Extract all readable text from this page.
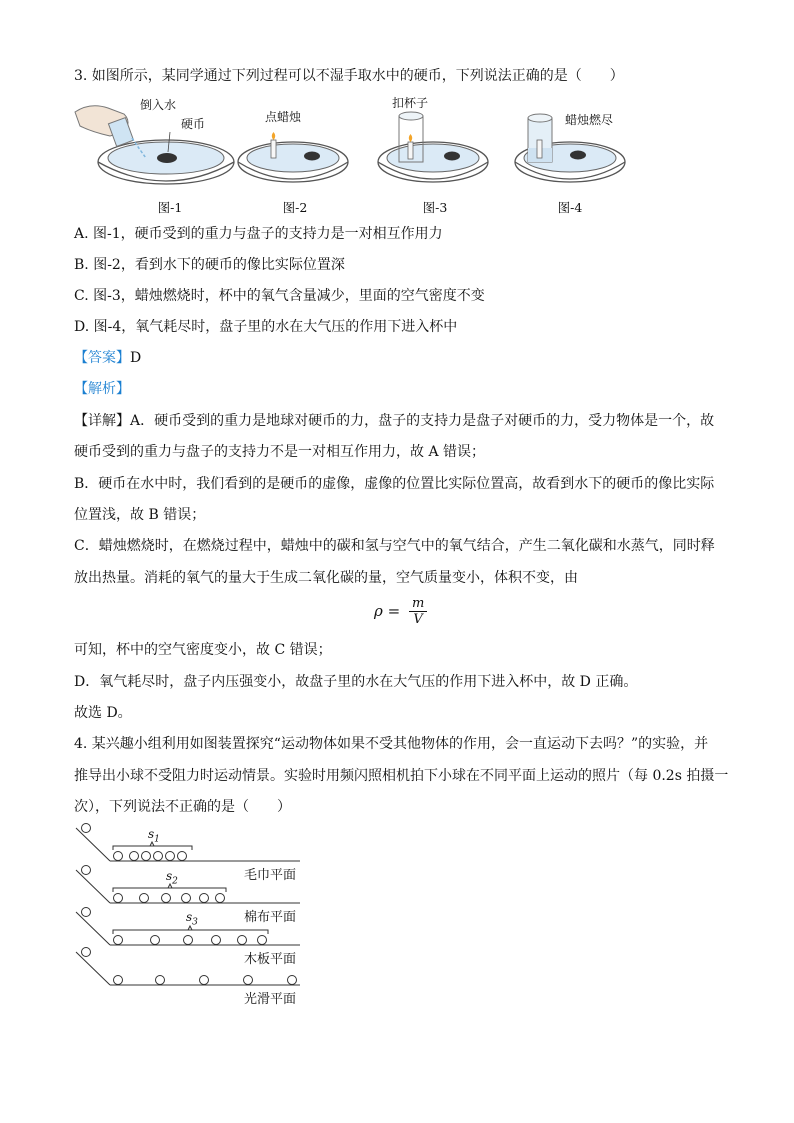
3. 如图所示，某同学通过下列过程可以不湿手取水中的硬币，下列说法正确的是（　　）
倒入水
硬币	点蜡烛
扣杯子
蜡烛燃尽
图-1	图-2	图-3	图-4
A. 图-1，硬币受到的重力与盘子的支持力是一对相互作用力
B. 图-2，看到水下的硬币的像比实际位置深
C. 图-3，蜡烛燃烧时，杯中的氧气含量减少，里面的空气密度不变
D. 图-4，氧气耗尽时，盘子里的水在大气压的作用下进入杯中
【答案】D
【解析】
【详解】A．硬币受到的重力是地球对硬币的力，盘子的支持力是盘子对硬币的力，受力物体是一个，故
硬币受到的重力与盘子的支持力不是一对相互作用力，故 A 错误；
B．硬币在水中时，我们看到的是硬币的虚像，虚像的位置比实际位置高，故看到水下的硬币的像比实际
位置浅，故 B 错误；
C．蜡烛燃烧时，在燃烧过程中，蜡烛中的碳和氢与空气中的氧气结合，产生二氧化碳和水蒸气，同时释
放出热量。消耗的氧气的量大于生成二氧化碳的量，空气质量变小，体积不变，由
$\rho = \frac{m}{V}$
可知，杯中的空气密度变小，故 C 错误；
D．氧气耗尽时，盘子内压强变小，故盘子里的水在大气压的作用下进入杯中，故 D 正确。
故选 D。
4. 某兴趣小组利用如图装置探究“运动物体如果不受其他物体的作用，会一直运动下去吗？”的实验，并
推导出小球不受阻力时运动情景。实验时用频闪照相机拍下小球在不同平面上运动的照片（每 0.2s 拍摄一
次），下列说法不正确的是（　　）
$s_1$
$s_2$
$s_3$
毛巾平面
棉布平面
木板平面
光滑平面
